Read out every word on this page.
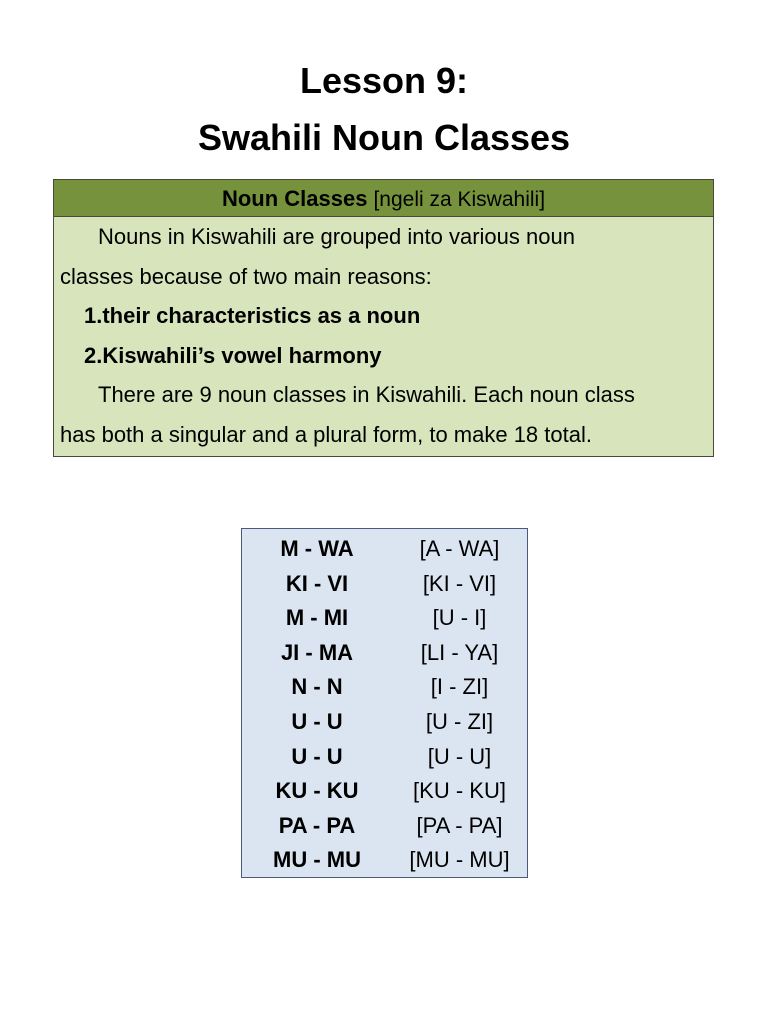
Lesson 9:
Swahili Noun Classes
Noun Classes [ngeli za Kiswahili]

Nouns in Kiswahili are grouped into various noun

classes because of two main reasons:

1.their characteristics as a noun

2.Kiswahili’s vowel harmony

There are 9 noun classes in Kiswahili. Each noun class

has both a singular and a plural form, to make 18 total.

M - WA	[A - WA]
KI - VI	[KI - VI]
M - MI	[U - I]
JI - MA	[LI - YA]
N - N	[I - ZI]
U - U	[U - ZI]
U - U	[U - U]
KU - KU	[KU - KU]
PA - PA	[PA - PA]
MU - MU	[MU - MU]
